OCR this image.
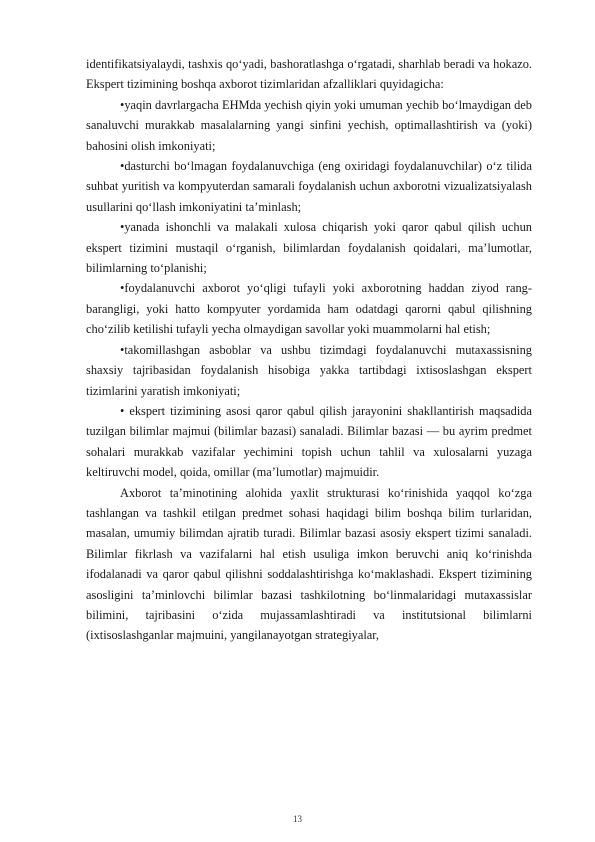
identifikatsiyalaydi, tashxis qo‘yadi, bashoratlashga o‘rgatadi, sharhlab beradi va hokazo. Ekspert tizimining boshqa axborot tizimlaridan afzalliklari quyidagicha:

•yaqin davrlargacha EHMda yechish qiyin yoki umuman yechib bo‘lmaydigan deb sanaluvchi murakkab masalalarning yangi sinfini yechish, optimallashtirish va (yoki) bahosini olish imkoniyati;

•dasturchi bo‘lmagan foydalanuvchiga (eng oxiridagi foydalanuvchilar) o‘z tilida suhbat yuritish va kompyuterdan samarali foydalanish uchun axborotni vizualizatsiyalash usullarini qo‘llash imkoniyatini ta’minlash;

•yanada ishonchli va malakali xulosa chiqarish yoki qaror qabul qilish uchun ekspert tizimini mustaqil o‘rganish, bilimlardan foydalanish qoidalari, ma’lumotlar, bilimlarning to‘planishi;

•foydalanuvchi axborot yo‘qligi tufayli yoki axborotning haddan ziyod rang-barangligi, yoki hatto kompyuter yordamida ham odatdagi qarorni qabul qilishning cho‘zilib ketilishi tufayli yecha olmaydigan savollar yoki muammolarni hal etish;

•takomillashgan asboblar va ushbu tizimdagi foydalanuvchi mutaxassisning shaxsiy tajribasidan foydalanish hisobiga yakka tartibdagi ixtisoslashgan ekspert tizimlarini yaratish imkoniyati;

• ekspert tizimining asosi qaror qabul qilish jarayonini shakllantirish maqsadida tuzilgan bilimlar majmui (bilimlar bazasi) sanaladi. Bilimlar bazasi — bu ayrim predmet sohalari murakkab vazifalar yechimini topish uchun tahlil va xulosalarni yuzaga keltiruvchi model, qoida, omillar (ma’lumotlar) majmuidir.

Axborot ta’minotining alohida yaxlit strukturasi ko‘rinishida yaqqol ko‘zga tashlangan va tashkil etilgan predmet sohasi haqidagi bilim boshqa bilim turlaridan, masalan, umumiy bilimdan ajratib turadi. Bilimlar bazasi asosiy ekspert tizimi sanaladi. Bilimlar fikrlash va vazifalarni hal etish usuliga imkon beruvchi aniq ko‘rinishda ifodalanadi va qaror qabul qilishni soddalashtirishga ko‘maklashadi. Ekspert tizimining asosligini ta’minlovchi bilimlar bazasi tashkilotning bo‘linmalaridagi mutaxassislar bilimini, tajribasini o‘zida mujassamlashtiradi va institutsional bilimlarni (ixtisoslashganlar majmuini, yangilanayotgan strategiyalar,

13
